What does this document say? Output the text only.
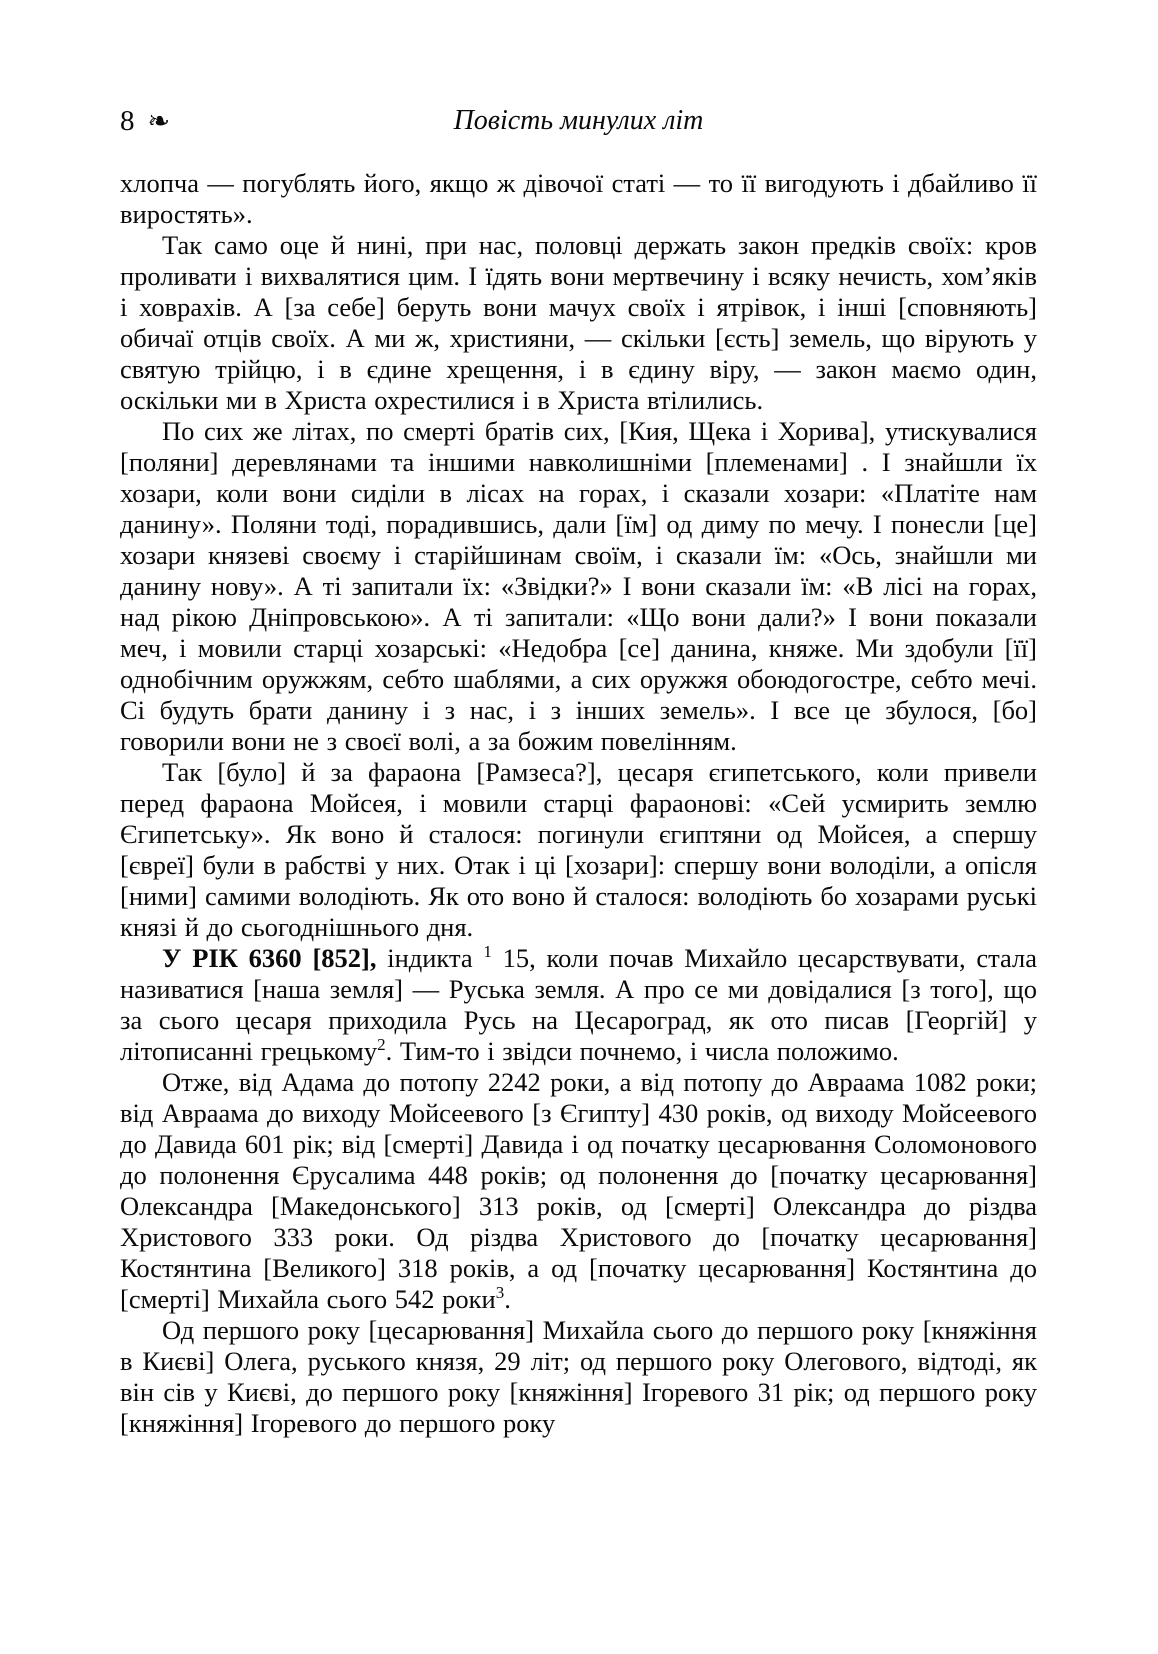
8 ❧	Повість минулих літ

хлопча — погублять його, якщо ж дівочої статі — то її вигодують і дбайливо її виростять».

Так само оце й нині, при нас, половці держать закон предків своїх: кров проливати і вихвалятися цим. І їдять вони мертвечину і всяку нечисть, хом’яків і ховрахів. А [за себе] беруть вони мачух своїх і ятрівок, і інші [сповняють] обичаї отців своїх. А ми ж, християни, — скільки [єсть] земель, що вірують у святую трійцю, і в єдине хрещення, і в єдину віру, — закон маємо один, оскільки ми в Христа охрестилися і в Христа втілились.

По сих же літах, по смерті братів сих, [Кия, Щека і Хорива], утискувалися [поляни] деревлянами та іншими навколишніми [племенами] . І знайшли їх хозари, коли вони сиділи в лісах на горах, і сказали хозари: «Платіте нам данину». Поляни тоді, порадившись, дали [їм] од диму по мечу. І понесли [це] хозари князеві своєму і старійшинам своїм, і сказали їм: «Ось, знайшли ми данину нову». А ті запитали їх: «Звідки?» І вони сказали їм: «В лісі на горах, над рікою Дніпровською». А ті запитали: «Що вони дали?» І вони показали меч, і мовили старці хозарські: «Недобра [се] данина, княже. Ми здобули [її] однобічним оружжям, себто шаблями, а сих оружжя обоюдогостре, себто мечі. Сі будуть брати данину і з нас, і з інших земель». І все це збулося, [бо] говорили вони не з своєї волі, а за божим повелінням.

Так [було] й за фараона [Рамзеса?], цесаря єгипетського, коли привели перед фараона Мойсея, і мовили старці фараонові: «Сей усмирить землю Єгипетську». Як воно й сталося: погинули єгиптяни од Мойсея, а спершу [євреї] були в рабстві у них. Отак і ці [хозари]: спершу вони володіли, а опісля [ними] самими володіють. Як ото воно й сталося: володіють бо хозарами руські князі й до сьогоднішнього дня.

У РІК 6360 [852], індикта $^1$ 15, коли почав Михайло цесарствувати, стала називатися [наша земля] — Руська земля. А про се ми довідалися [з того], що за сього цесаря приходила Русь на Цесароград, як ото писав [Георгій] у літописанні грецькому$^2$. Тим-то і звідси почнемо, і числа положимо.

Отже, від Адама до потопу 2242 роки, а від потопу до Авраама 1082 роки; від Авраама до виходу Мойсеевого [з Єгипту] 430 років, од виходу Мойсеевого до Давида 601 рік; від [смерті] Давида і од початку цесарювання Соломонового до полонення Єрусалима 448 років; од полонення до [початку цесарювання] Олександра [Македонського] 313 років, од [смерті] Олександра до різдва Христового 333 роки. Од різдва Христового до [початку цесарювання] Костянтина [Великого] 318 років, а од [початку цесарювання] Костянтина до [смерті] Михайла сього 542 роки$^3$.

Од першого року [цесарювання] Михайла сього до першого року [княжіння в Києві] Олега, руського князя, 29 літ; од першого року Олегового, відтоді, як він сів у Києві, до першого року [княжіння] Ігоревого 31 рік; од першого року [княжіння] Ігоревого до першого року
